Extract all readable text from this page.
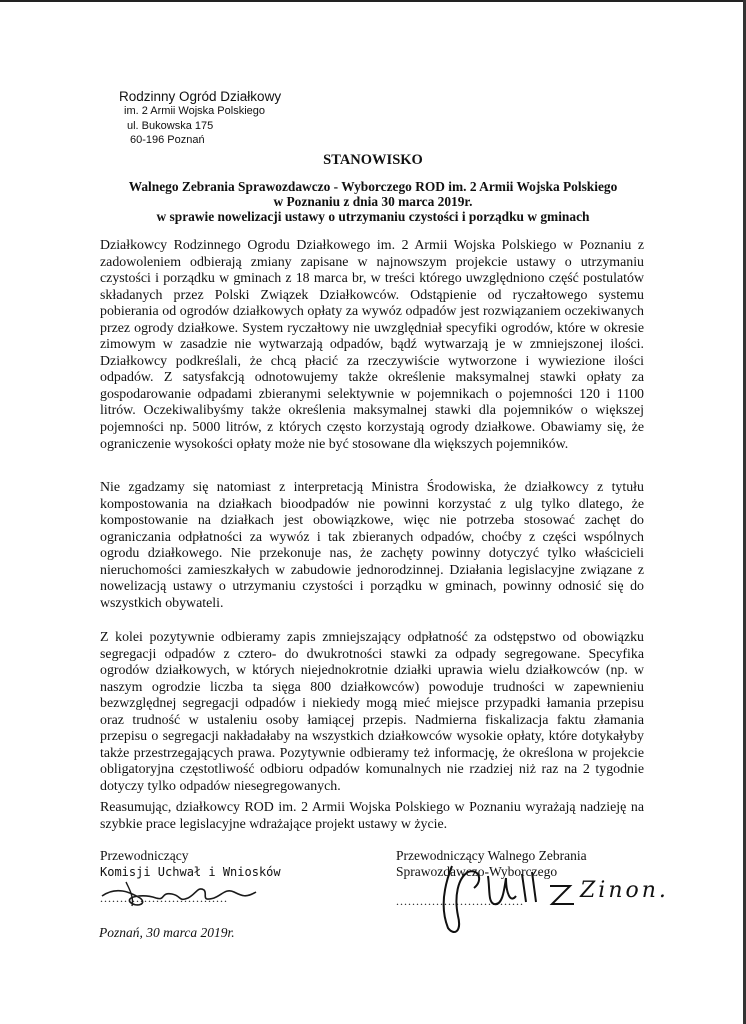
Rodzinny Ogród Działkowy
im. 2 Armii Wojska Polskiego
ul. Bukowska 175
60-196 Poznań
STANOWISKO
Walnego Zebrania Sprawozdawczo - Wyborczego ROD im. 2 Armii Wojska Polskiego
w Poznaniu z dnia 30 marca 2019r.
w sprawie nowelizacji ustawy o utrzymaniu czystości i porządku w gminach
Działkowcy Rodzinnego Ogrodu Działkowego im. 2 Armii Wojska Polskiego w Poznaniu z zadowoleniem odbierają zmiany zapisane w najnowszym projekcie ustawy o utrzymaniu czystości i porządku w gminach z 18 marca br, w treści którego uwzględniono część postulatów składanych przez Polski Związek Działkowców. Odstąpienie od ryczałtowego systemu pobierania od ogrodów działkowych opłaty za wywóz odpadów jest rozwiązaniem oczekiwanych przez ogrody działkowe. System ryczałtowy nie uwzględniał specyfiki ogrodów, które w okresie zimowym w zasadzie nie wytwarzają odpadów, bądź wytwarzają je w zmniejszonej ilości. Działkowcy podkreślali, że chcą płacić za rzeczywiście wytworzone i wywiezione ilości odpadów. Z satysfakcją odnotowujemy także określenie maksymalnej stawki opłaty za gospodarowanie odpadami zbieranymi selektywnie w pojemnikach o pojemności 120 i 1100 litrów. Oczekiwalibyśmy także określenia maksymalnej stawki dla pojemników o większej pojemności np. 5000 litrów, z których często korzystają ogrody działkowe. Obawiamy się, że ograniczenie wysokości opłaty może nie być stosowane dla większych pojemników.
Nie zgadzamy się natomiast z interpretacją Ministra Środowiska, że działkowcy z tytułu kompostowania na działkach bioodpadów nie powinni korzystać z ulg tylko dlatego, że kompostowanie na działkach jest obowiązkowe, więc nie potrzeba stosować zachęt do ograniczania odpłatności za wywóz i tak zbieranych odpadów, choćby z części wspólnych ogrodu działkowego. Nie przekonuje nas, że zachęty powinny dotyczyć tylko właścicieli nieruchomości zamieszkałych w zabudowie jednorodzinnej. Działania legislacyjne związane z nowelizacją ustawy o utrzymaniu czystości i porządku w gminach, powinny odnosić się do wszystkich obywateli.
Z kolei pozytywnie odbieramy zapis zmniejszający odpłatność za odstępstwo od obowiązku segregacji odpadów z cztero- do dwukrotności stawki za odpady segregowane. Specyfika ogrodów działkowych, w których niejednokrotnie działki uprawia wielu działkowców (np. w naszym ogrodzie liczba ta sięga 800 działkowców) powoduje trudności w zapewnieniu bezwzględnej segregacji odpadów i niekiedy mogą mieć miejsce przypadki łamania przepisu oraz trudność w ustaleniu osoby łamiącej przepis. Nadmierna fiskalizacja faktu złamania przepisu o segregacji nakładałaby na wszystkich działkowców wysokie opłaty, które dotykałyby także przestrzegających prawa. Pozytywnie odbieramy też informację, że określona w projekcie obligatoryjna częstotliwość odbioru odpadów komunalnych nie rzadziej niż raz na 2 tygodnie dotyczy tylko odpadów niesegregowanych.
Reasumując, działkowcy ROD im. 2 Armii Wojska Polskiego w Poznaniu wyrażają nadzieję na szybkie prace legislacyjne wdrażające projekt ustawy w życie.
Przewodniczący
Komisji Uchwał i Wniosków
................................
Przewodniczący Walnego Zebrania
Sprawozdawczo-Wyborczego
................................	Zinon.
Poznań, 30 marca 2019r.
